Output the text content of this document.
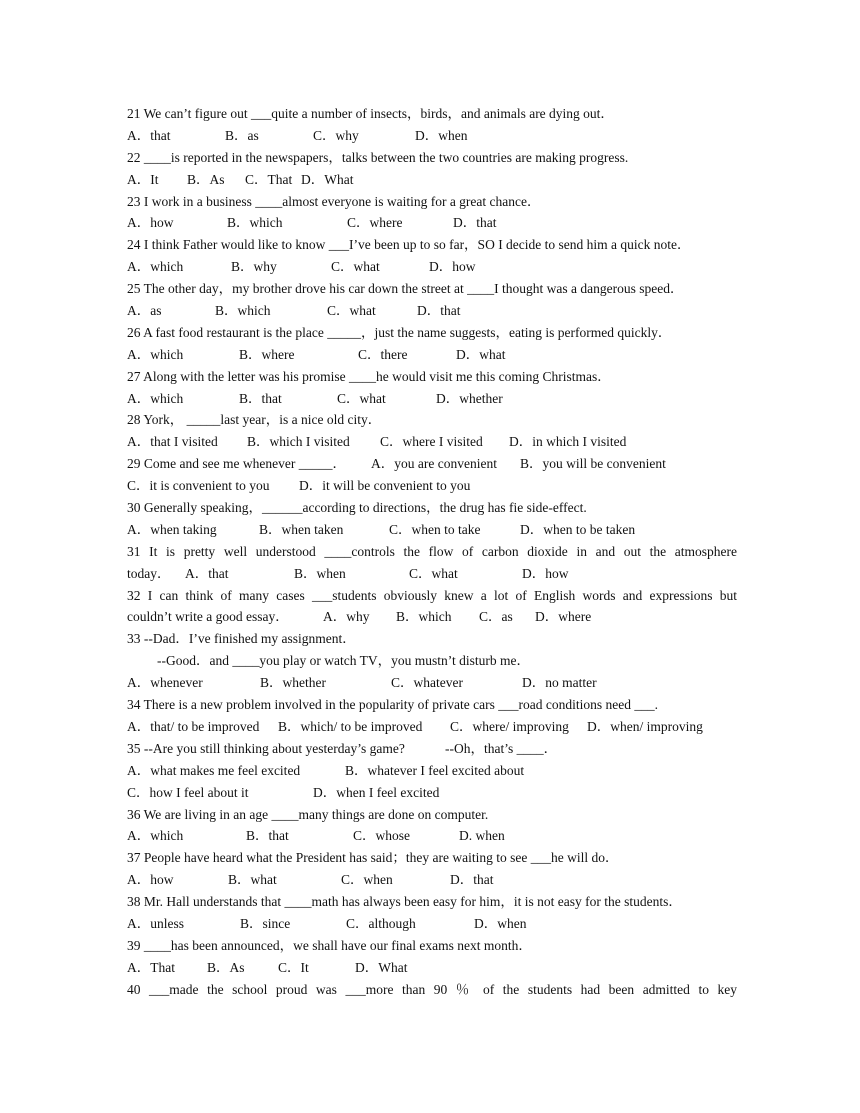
21 We can’t figure out ___quite a number of insects，birds，and animals are dying out．
A．that	B．as	C．why	D．when
22 ____is reported in the newspapers，talks between the two countries are making progress.
A．It B．As C．That D．What
23 I work in a business ____almost everyone is waiting for a great chance．
A．how	B．which	C．where	D．that
24 I think Father would like to know ___I’ve been up to so far，SO I decide to send him a quick note．
A．which	B．why	C．what	D．how
25 The other day，my brother drove his car down the street at ____I thought was a dangerous speed．
A．as	B．which	C．what	D．that
26 A fast food restaurant is the place _____，just the name suggests，eating is performed quickly．
A．which	B．where	C．there	D．what
27 Along with the letter was his promise ____he would visit me this coming Christmas．
A．which	B．that	C．what	D．whether
28 York， _____last year，is a nice old city．
A．that I visited B．which I visited C．where I visited D．in which I visited
29 Come and see me whenever _____． A．you are convenient B．you will be convenient
C．it is convenient to you D．it will be convenient to you
30 Generally speaking，______according to directions，the drug has fie side-effect.
A．when taking	B．when taken	C．when to take	D．when to be taken
31 It is pretty well understood ____controls the flow of carbon dioxide in and out the atmosphere
today． A．that	B．when	C．what	D．how
32 I can think of many cases ___students obviously knew a lot of English words and expressions but
couldn’t write a good essay．	A．why B．which C．as D．where
33 --Dad．I’ve finished my assignment．
--Good．and ____you play or watch TV，you mustn’t disturb me．
A．whenever	B．whether	C．whatever	D．no matter
34 There is a new problem involved in the popularity of private cars ___road conditions need ___.
A．that/ to be improved B．which/ to be improved C．where/ improving D．when/ improving
35 --Are you still thinking about yesterday’s game?	--Oh，that’s ____．
A．what makes me feel excited	B．whatever I feel excited about
C．how I feel about it	D．when I feel excited
36 We are living in an age ____many things are done on computer.
A．which	B．that	C．whose	D. when
37 People have heard what the President has said；they are waiting to see ___he will do．
A．how	B．what	C．when	D．that
38 Mr. Hall understands that ____math has always been easy for him，it is not easy for the students．
A．unless	B．since	C．although	D．when
39 ____has been announced，we shall have our final exams next month．
A．That B．As C．It	D．What
40 ___made the school proud was ___more than 90 ％ of the students had been admitted to key
